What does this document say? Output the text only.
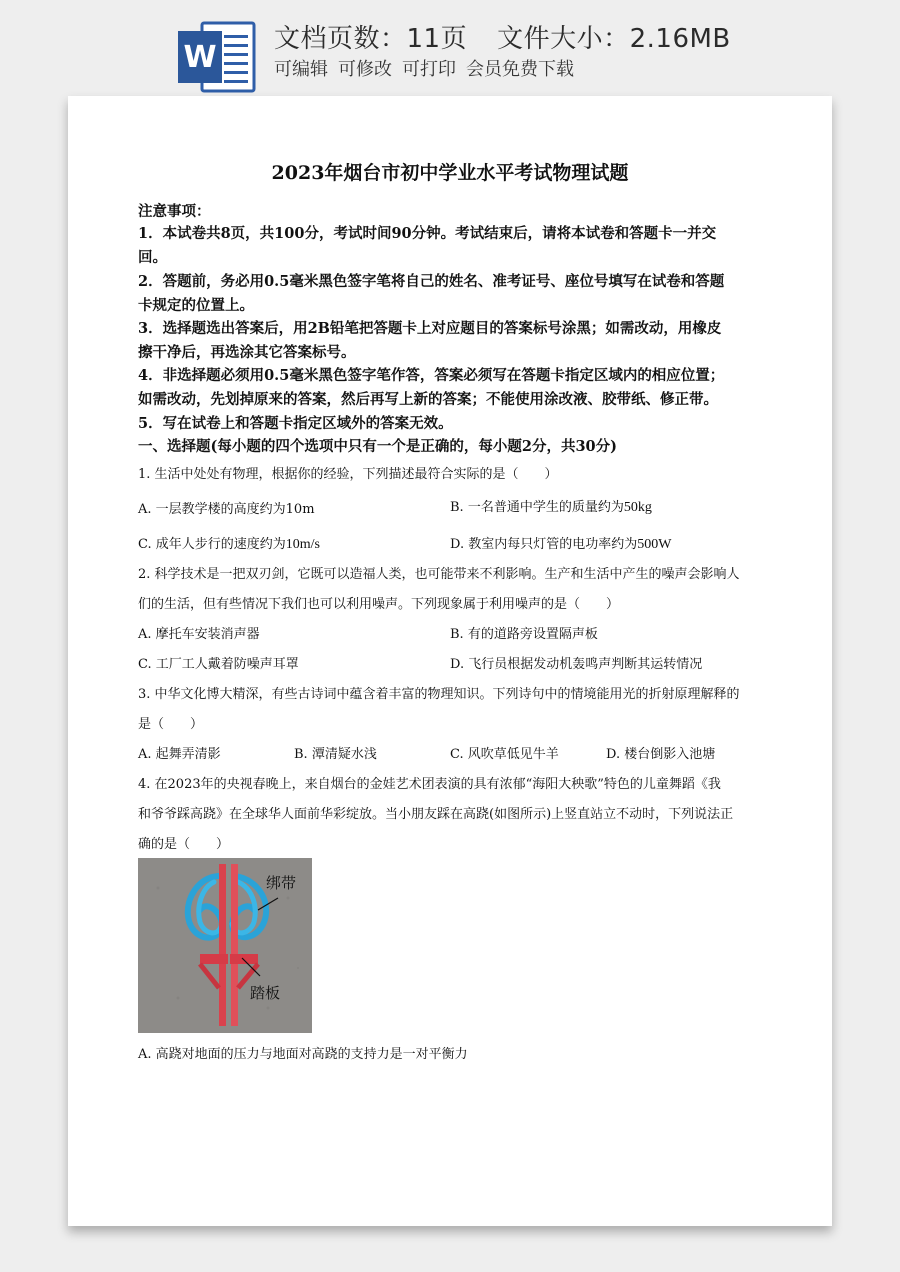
W
文档页数：11页 文件大小：2.16MB
可编辑 可修改 可打印 会员免费下载
2023年烟台市初中学业水平考试物理试题
注意事项：
1．本试卷共8页，共100分，考试时间90分钟。考试结束后，请将本试卷和答题卡一并交
回。
2．答题前，务必用0.5毫米黑色签字笔将自己的姓名、准考证号、座位号填写在试卷和答题
卡规定的位置上。
3．选择题选出答案后，用2B铅笔把答题卡上对应题目的答案标号涂黑；如需改动，用橡皮
擦干净后，再选涂其它答案标号。
4．非选择题必须用0.5毫米黑色签字笔作答，答案必须写在答题卡指定区域内的相应位置；
如需改动，先划掉原来的答案，然后再写上新的答案；不能使用涂改液、胶带纸、修正带。
5．写在试卷上和答题卡指定区域外的答案无效。
一、选择题(每小题的四个选项中只有一个是正确的，每小题2分，共30分)
1. 生活中处处有物理，根据你的经验，下列描述最符合实际的是（　　）
A. 一层教学楼的高度约为10m	B. 一名普通中学生的质量约为50kg
C. 成年人步行的速度约为10m/s	D. 教室内每只灯管的电功率约为500W
2. 科学技术是一把双刃剑，它既可以造福人类，也可能带来不利影响。生产和生活中产生的噪声会影响人
们的生活，但有些情况下我们也可以利用噪声。下列现象属于利用噪声的是（　　）
A. 摩托车安装消声器	B. 有的道路旁设置隔声板
C. 工厂工人戴着防噪声耳罩	D. 飞行员根据发动机轰鸣声判断其运转情况
3. 中华文化博大精深，有些古诗词中蕴含着丰富的物理知识。下列诗句中的情境能用光的折射原理解释的
是（　　）
A. 起舞弄清影	B. 潭清疑水浅	C. 风吹草低见牛羊	D. 楼台倒影入池塘
4. 在2023年的央视春晚上，来自烟台的金娃艺术团表演的具有浓郁“海阳大秧歌”特色的儿童舞蹈《我
和爷爷踩高跷》在全球华人面前华彩绽放。当小朋友踩在高跷(如图所示)上竖直站立不动时，下列说法正
确的是（　　）
绑带
踏板
A. 高跷对地面的压力与地面对高跷的支持力是一对平衡力
